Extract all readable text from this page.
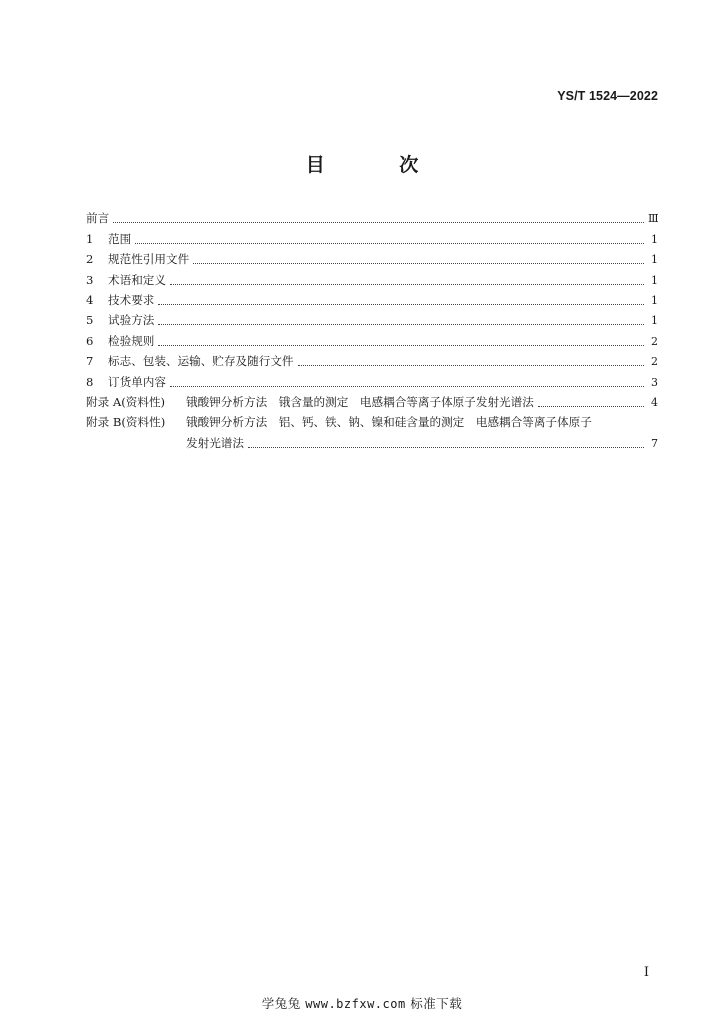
YS/T 1524—2022
目 次
前言	Ⅲ
1	范围	1
2	规范性引用文件	1
3	术语和定义	1
4	技术要求	1
5	试验方法	1
6	检验规则	2
7	标志、包装、运输、贮存及随行文件	2
8	订货单内容	3
附录 A(资料性)	锇酸钾分析方法　锇含量的测定　电感耦合等离子体原子发射光谱法	4
附录 B(资料性)	锇酸钾分析方法　铝、钙、铁、钠、镍和硅含量的测定　电感耦合等离子体原子
发射光谱法	7
I
学兔兔 www.bzfxw.com 标准下载
